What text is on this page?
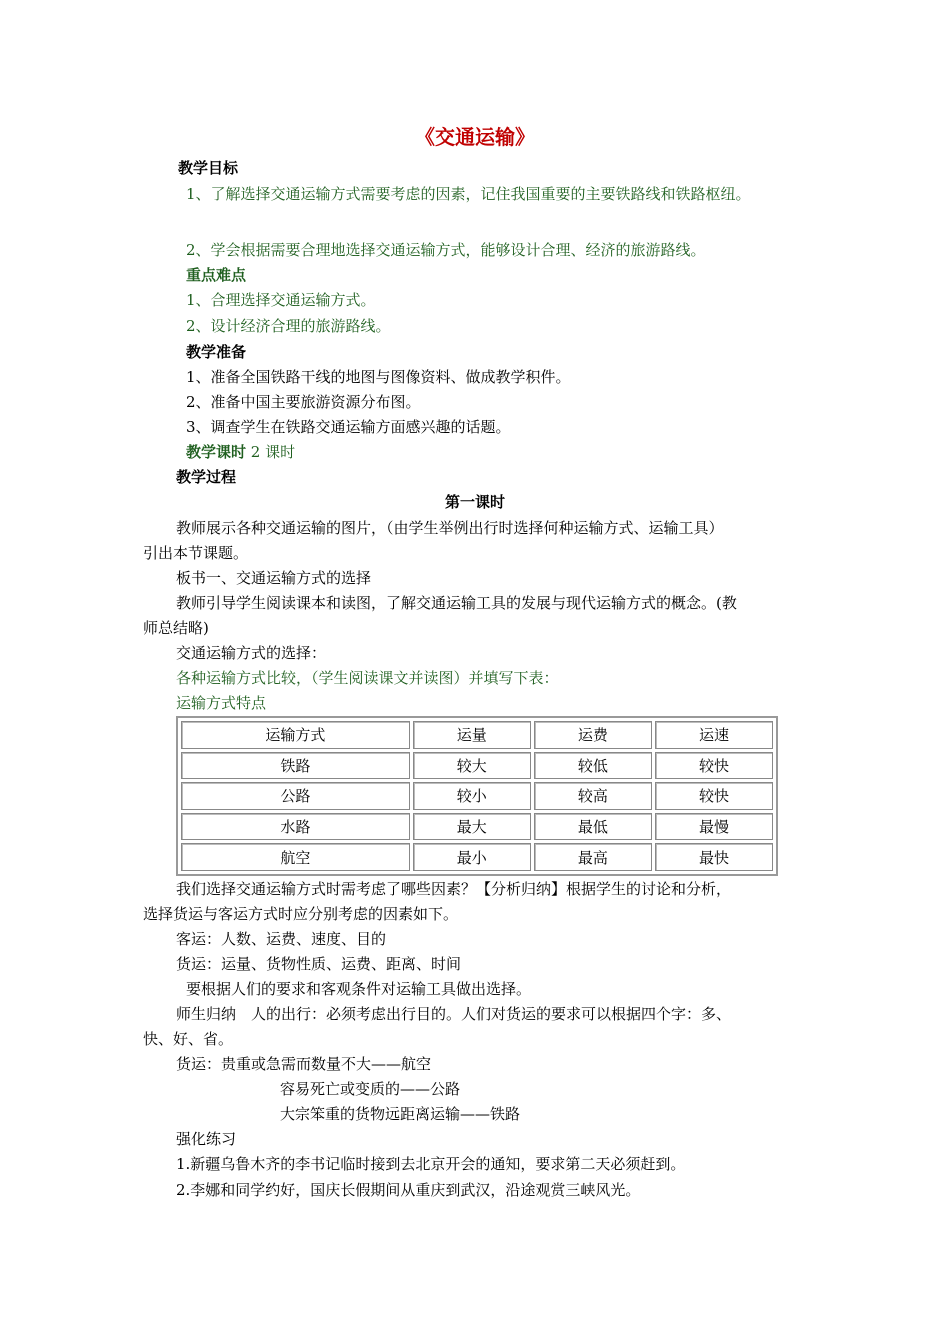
《交通运输》
教学目标
1、了解选择交通运输方式需要考虑的因素，记住我国重要的主要铁路线和铁路枢纽。
2、学会根据需要合理地选择交通运输方式，能够设计合理、经济的旅游路线。
重点难点
1、合理选择交通运输方式。
2、设计经济合理的旅游路线。
教学准备
1、准备全国铁路干线的地图与图像资料、做成教学积件。
2、准备中国主要旅游资源分布图。
3、调查学生在铁路交通运输方面感兴趣的话题。
教学课时 2 课时
教学过程
第一课时
教师展示各种交通运输的图片，（由学生举例出行时选择何种运输方式、运输工具）
引出本节课题。
板书一、交通运输方式的选择
教师引导学生阅读课本和读图，了解交通运输工具的发展与现代运输方式的概念。(教
师总结略)
交通运输方式的选择：
各种运输方式比较，（学生阅读课文并读图）并填写下表：
运输方式特点
运输方式	运量	运费	运速
铁路	较大	较低	较快
公路	较小	较高	较快
水路	最大	最低	最慢
航空	最小	最高	最快
我们选择交通运输方式时需考虑了哪些因素？【分析归纳】根据学生的讨论和分析，
选择货运与客运方式时应分别考虑的因素如下。
客运：人数、运费、速度、目的
货运：运量、货物性质、运费、距离、时间
要根据人们的要求和客观条件对运输工具做出选择。
师生归纳　人的出行：必须考虑出行目的。人们对货运的要求可以根据四个字：多、
快、好、省。
货运：贵重或急需而数量不大——航空
容易死亡或变质的——公路
大宗笨重的货物远距离运输——铁路
强化练习
1.新疆乌鲁木齐的李书记临时接到去北京开会的通知，要求第二天必须赶到。
2.李娜和同学约好，国庆长假期间从重庆到武汉，沿途观赏三峡风光。
